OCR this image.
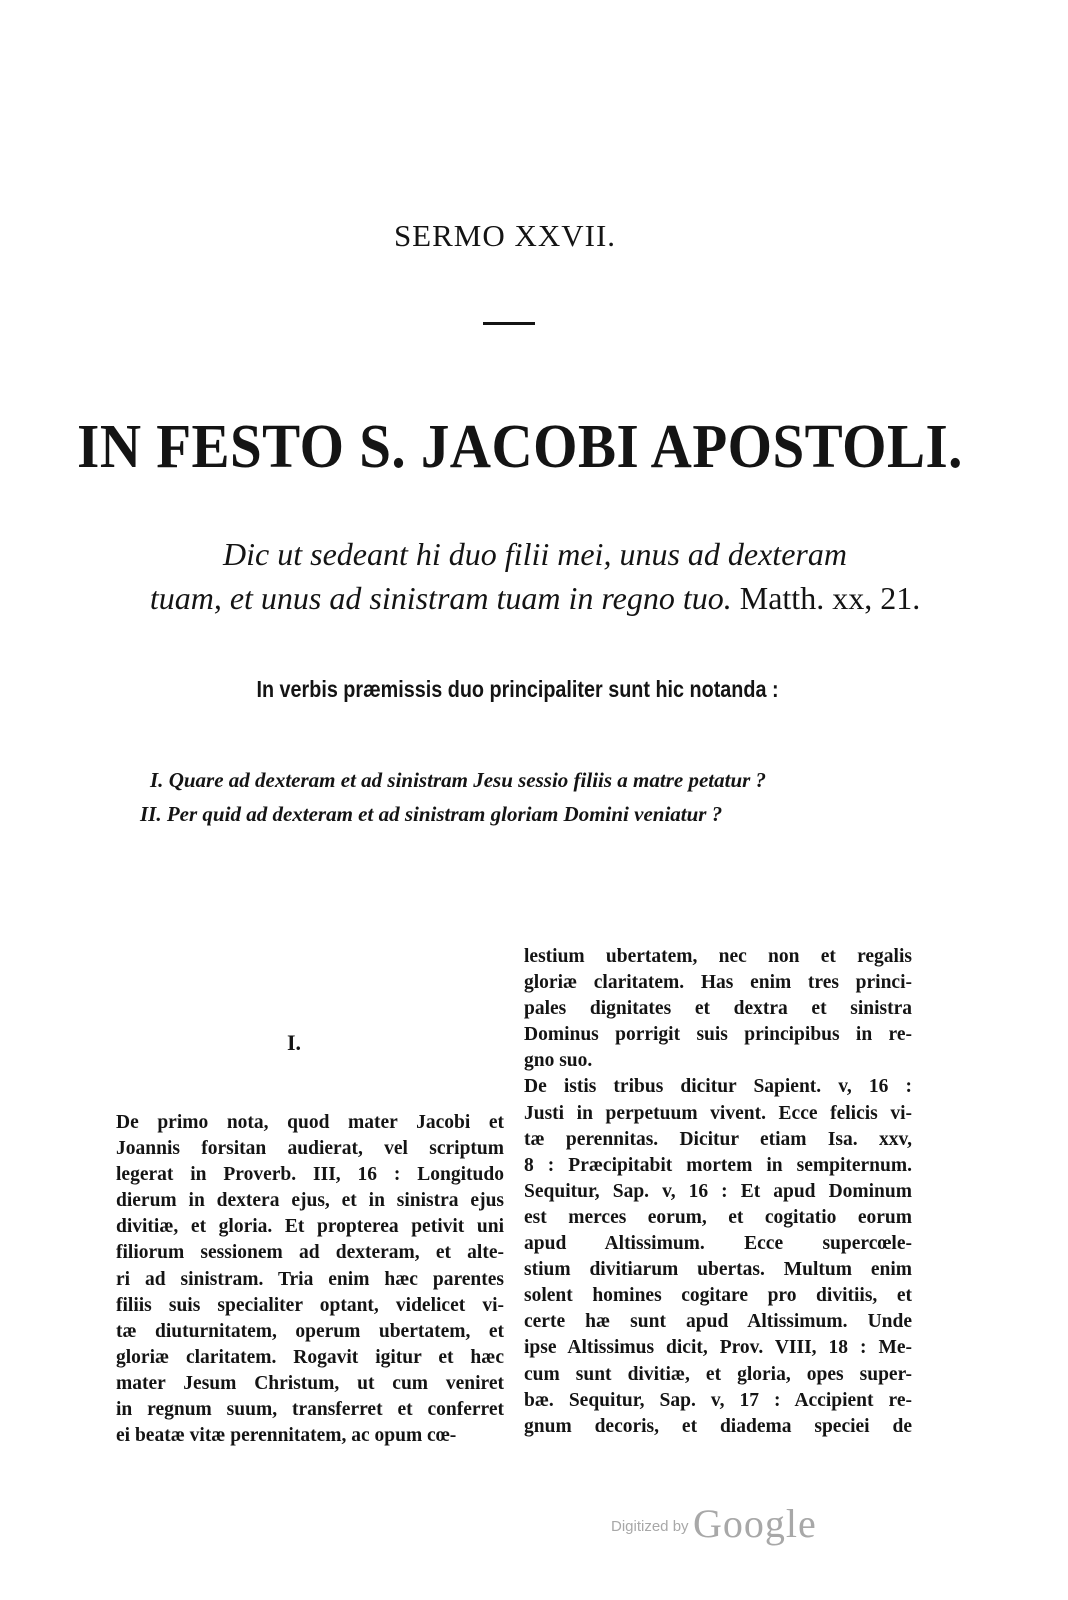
SERMO XXVII.
IN FESTO S. JACOBI APOSTOLI.
Dic ut sedeant hi duo filii mei, unus ad dexteram
tuam, et unus ad sinistram tuam in regno tuo. Matth. xx, 21.
In verbis præmissis duo principaliter sunt hic notanda :
I. Quare ad dexteram et ad sinistram Jesu sessio filiis a matre petatur ?
II. Per quid ad dexteram et ad sinistram gloriam Domini veniatur ?
I.
De primo nota, quod mater Jacobi et
Joannis forsitan audierat, vel scriptum
legerat in Proverb. III, 16 : Longitudo
dierum in dextera ejus, et in sinistra ejus
divitiæ, et gloria. Et propterea petivit uni
filiorum sessionem ad dexteram, et alte-
ri ad sinistram. Tria enim hæc parentes
filiis suis specialiter optant, videlicet vi-
tæ diuturnitatem, operum ubertatem, et
gloriæ claritatem. Rogavit igitur et hæc
mater Jesum Christum, ut cum veniret
in regnum suum, transferret et conferret
ei beatæ vitæ perennitatem, ac opum cœ-
lestium ubertatem, nec non et regalis
gloriæ claritatem. Has enim tres princi-
pales dignitates et dextra et sinistra
Dominus porrigit suis principibus in re-
gno suo.
De istis tribus dicitur Sapient. v, 16 :
Justi in perpetuum vivent. Ecce felicis vi-
tæ perennitas. Dicitur etiam Isa. xxv,
8 : Præcipitabit mortem in sempiternum.
Sequitur, Sap. v, 16 : Et apud Dominum
est merces eorum, et cogitatio eorum
apud Altissimum. Ecce supercœle-
stium divitiarum ubertas. Multum enim
solent homines cogitare pro divitiis, et
certe hæ sunt apud Altissimum. Unde
ipse Altissimus dicit, Prov. VIII, 18 : Me-
cum sunt divitiæ, et gloria, opes super-
bæ. Sequitur, Sap. v, 17 : Accipient re-
gnum decoris, et diadema speciei de
Digitized by Google
